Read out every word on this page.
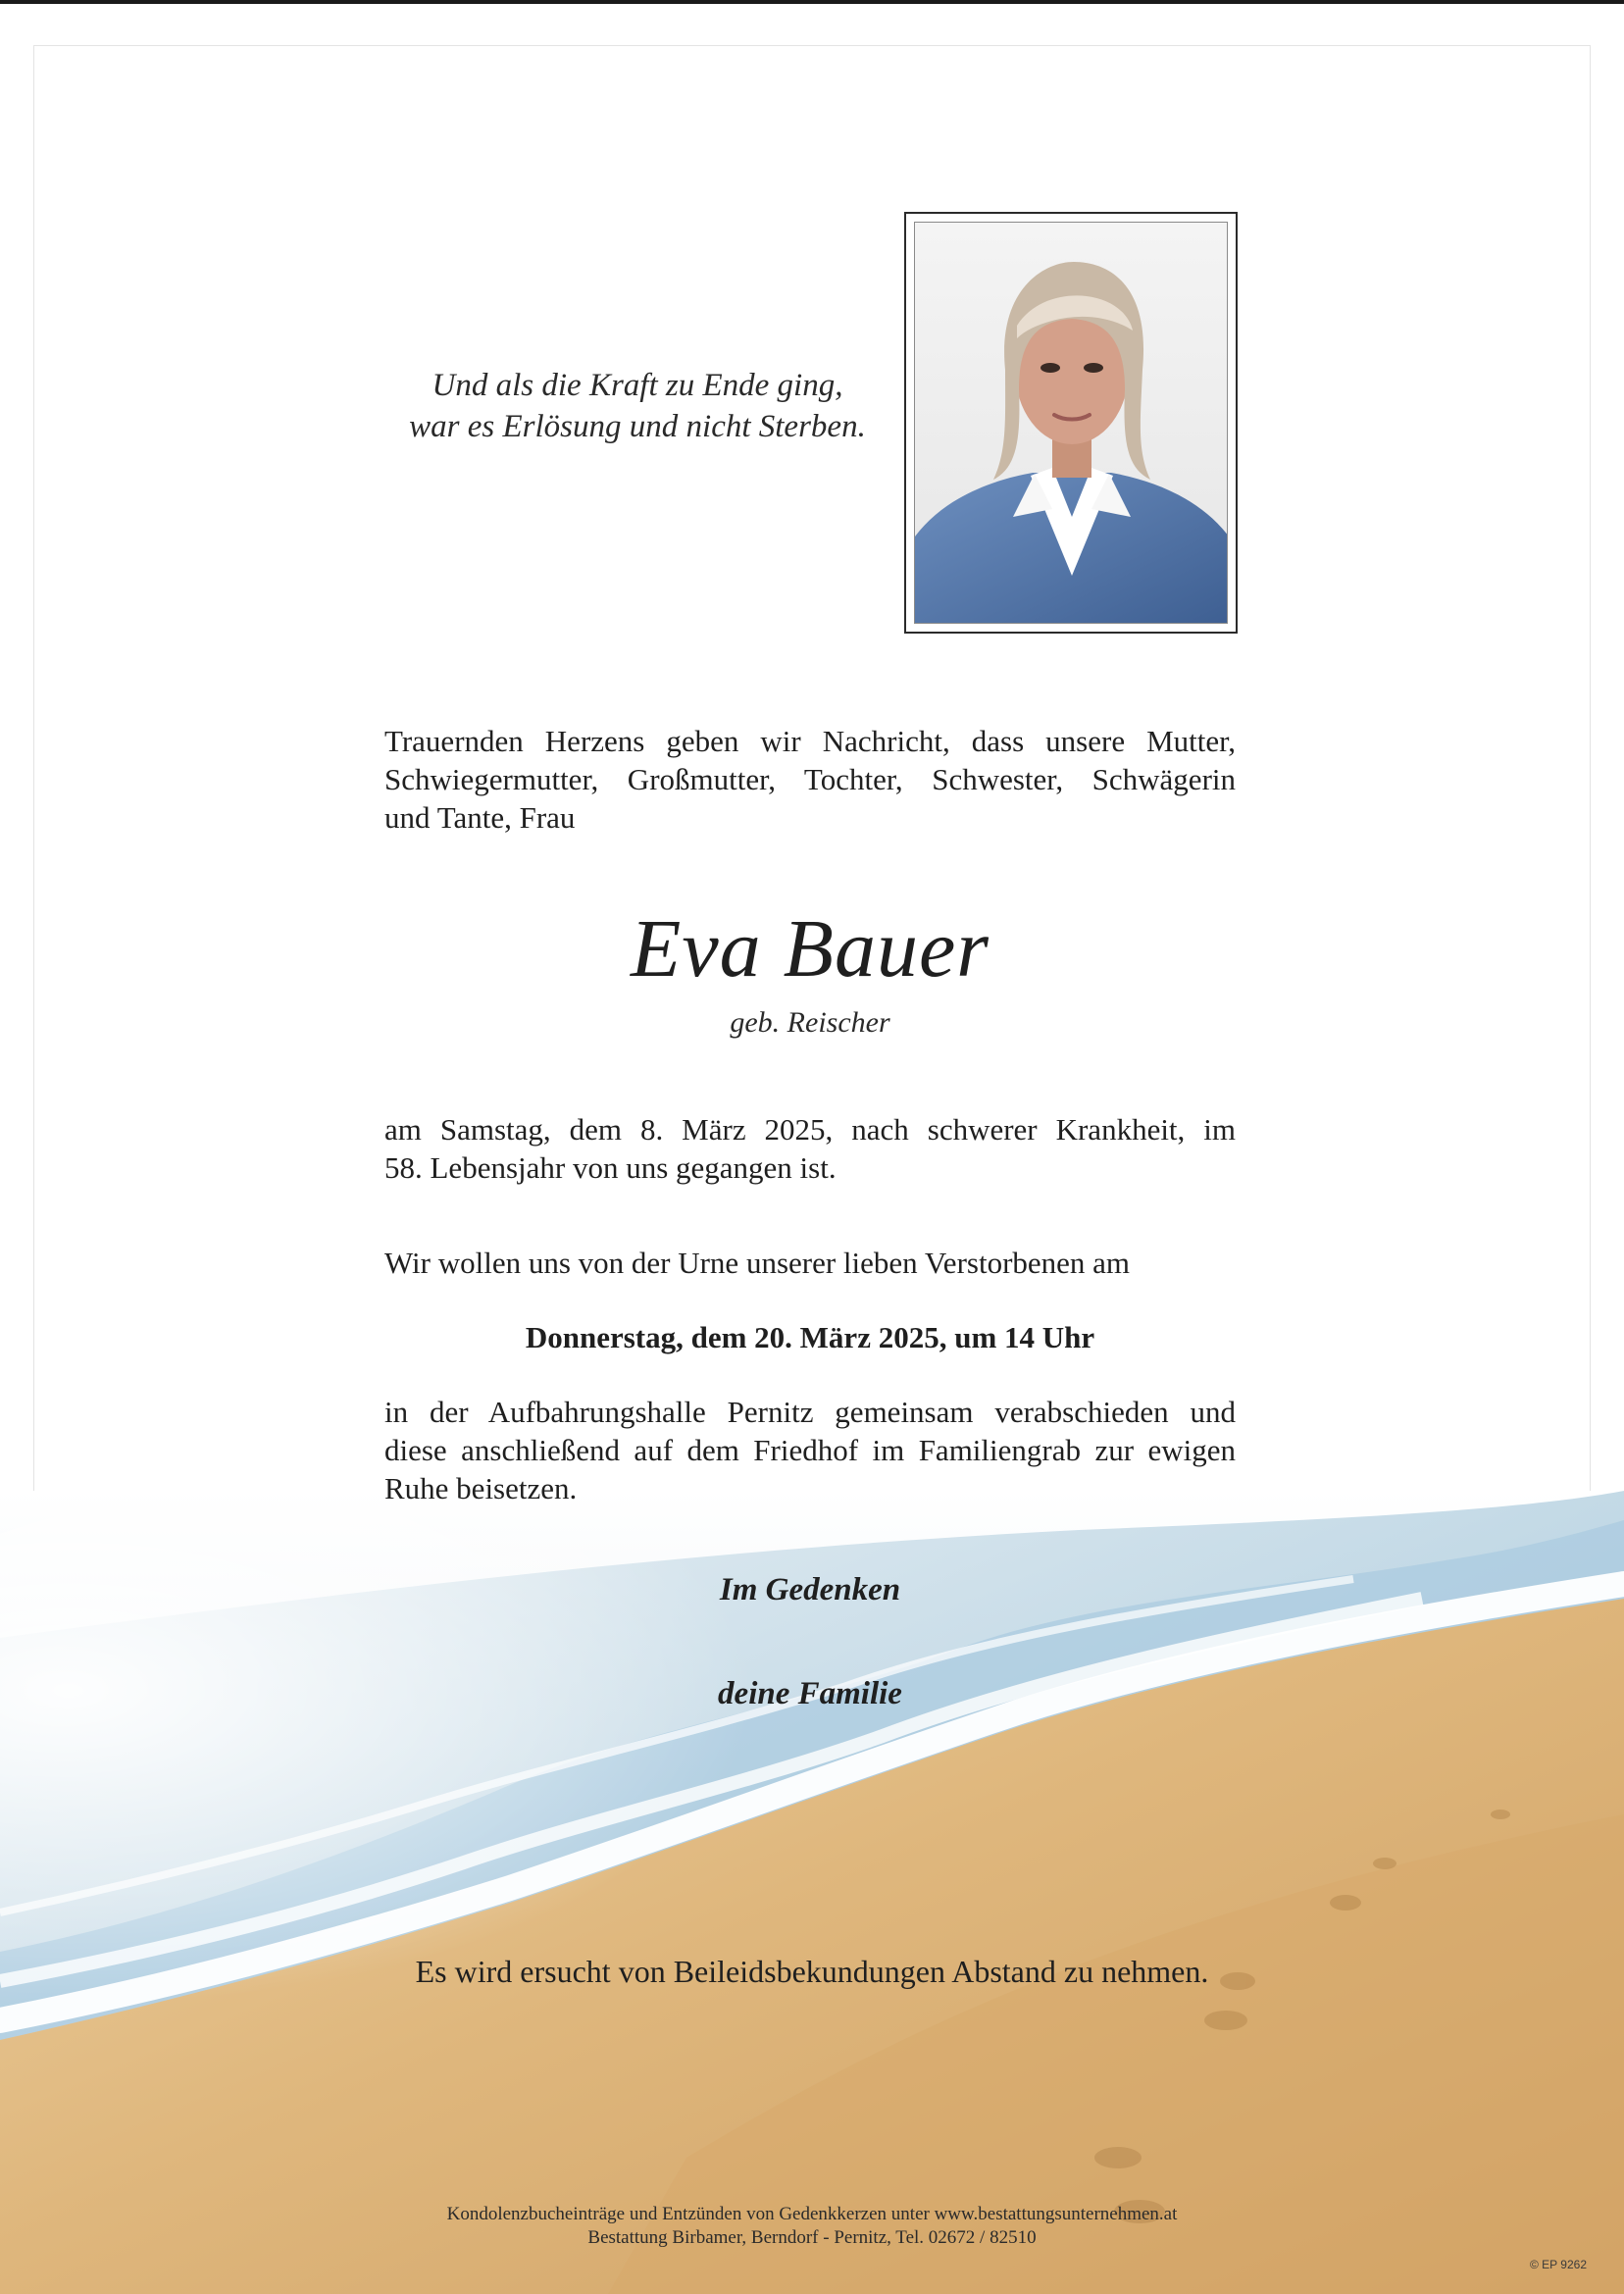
Und als die Kraft zu Ende ging,
war es Erlösung und nicht Sterben.
Trauernden Herzens geben wir Nachricht, dass unsere Mutter,
Schwiegermutter, Großmutter, Tochter, Schwester, Schwägerin
und Tante, Frau
Eva Bauer
geb. Reischer
am Samstag, dem 8. März 2025, nach schwerer Krankheit, im
58. Lebensjahr von uns gegangen ist.
Wir wollen uns von der Urne unserer lieben Verstorbenen am
Donnerstag, dem 20. März 2025, um 14 Uhr
in der Aufbahrungshalle Pernitz gemeinsam verabschieden und
diese anschließend auf dem Friedhof im Familiengrab zur ewigen
Ruhe beisetzen.
Im Gedenken
deine Familie
Es wird ersucht von Beileidsbekundungen Abstand zu nehmen.
Kondolenzbucheinträge und Entzünden von Gedenkkerzen unter www.bestattungsunternehmen.at
Bestattung Birbamer, Berndorf - Pernitz, Tel. 02672 / 82510
© EP 9262
